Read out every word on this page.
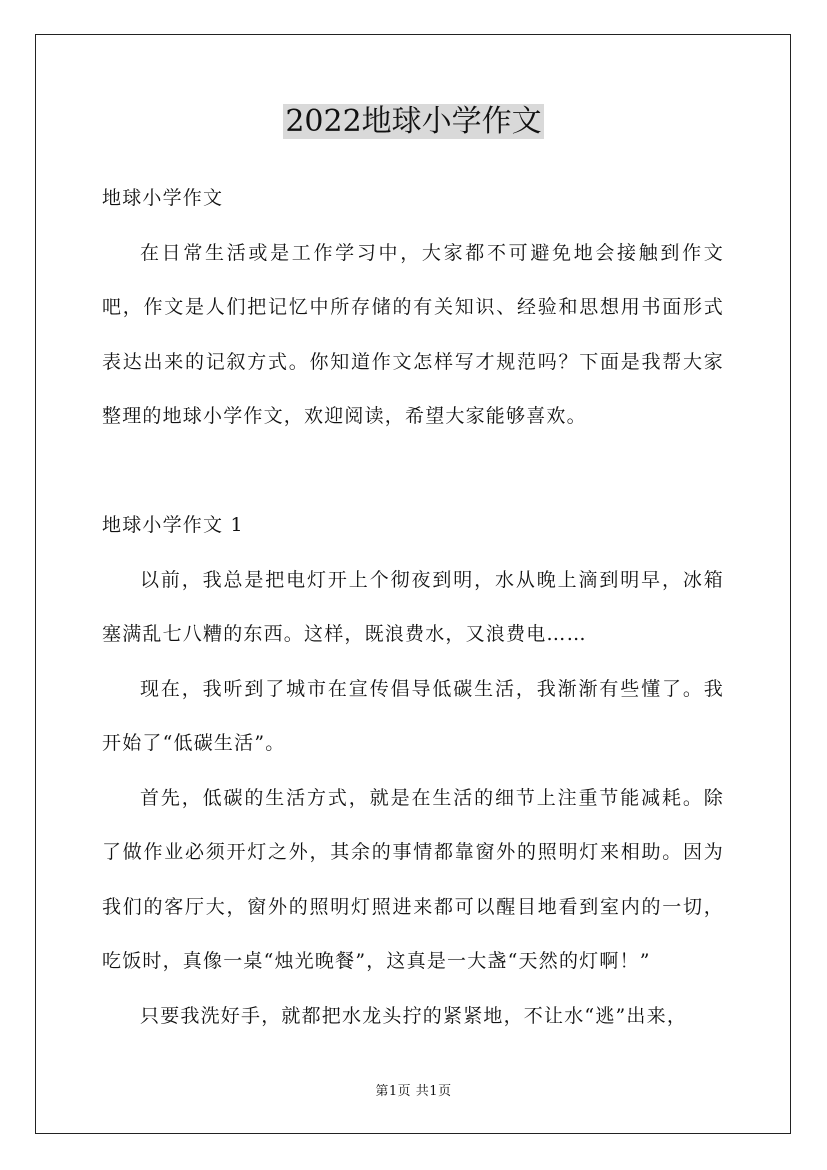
2022地球小学作文

地球小学作文

在日常生活或是工作学习中，大家都不可避免地会接触到作文吧，作文是人们把记忆中所存储的有关知识、经验和思想用书面形式表达出来的记叙方式。你知道作文怎样写才规范吗？下面是我帮大家整理的地球小学作文，欢迎阅读，希望大家能够喜欢。

地球小学作文 1

以前，我总是把电灯开上个彻夜到明，水从晚上滴到明早，冰箱塞满乱七八糟的东西。这样，既浪费水，又浪费电……

现在，我听到了城市在宣传倡导低碳生活，我渐渐有些懂了。我开始了“低碳生活”。

首先，低碳的生活方式，就是在生活的细节上注重节能减耗。除了做作业必须开灯之外，其余的事情都靠窗外的照明灯来相助。因为我们的客厅大，窗外的照明灯照进来都可以醒目地看到室内的一切，吃饭时，真像一桌“烛光晚餐”，这真是一大盏“天然的灯啊！”

只要我洗好手，就都把水龙头拧的紧紧地，不让水“逃”出来，

第1页 共1页
